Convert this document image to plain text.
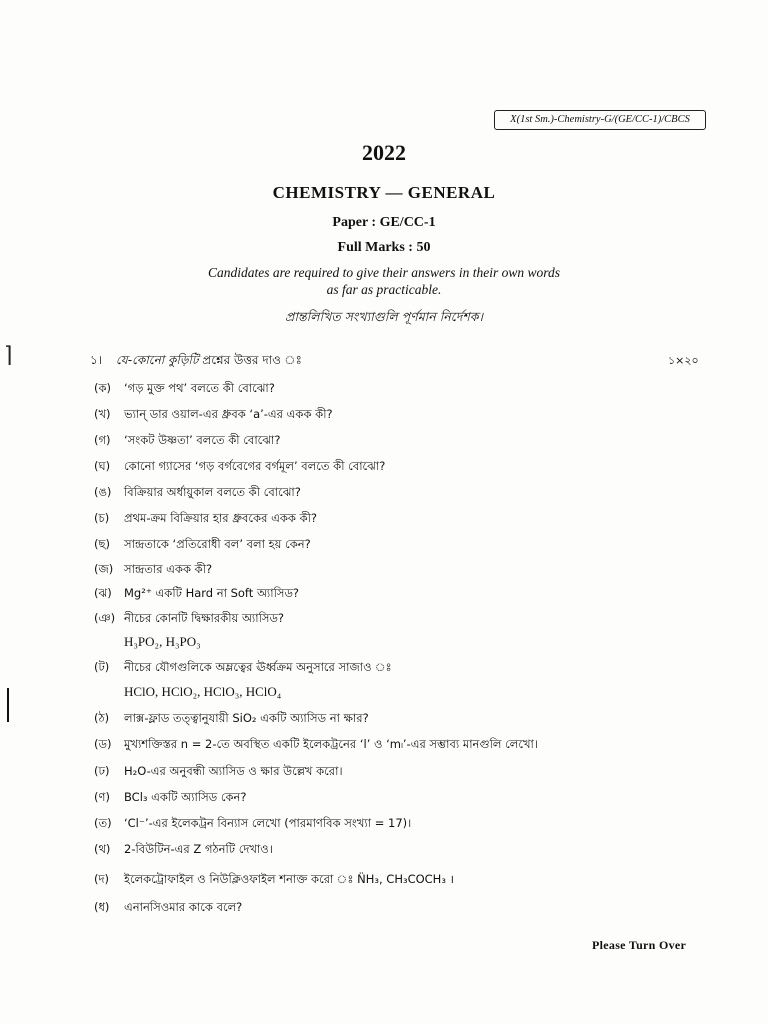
⌉
X(1st Sm.)-Chemistry-G/(GE/CC-1)/CBCS
2022
CHEMISTRY — GENERAL
Paper : GE/CC-1
Full Marks : 50
Candidates are required to give their answers in their own words
as far as practicable.
প্রান্তলিখিত সংখ্যাগুলি পূর্ণমান নির্দেশক।
১। যে-কোনো কুড়িটি প্রশ্নের উত্তর দাও ঃ	১×২০
(ক) ‘গড় মুক্ত পথ’ বলতে কী বোঝো?
(খ) ভ্যান্ ডার ওয়াল-এর ধ্রুবক ‘a’-এর একক কী?
(গ) ‘সংকট উষ্ণতা’ বলতে কী বোঝো?
(ঘ) কোনো গ্যাসের ‘গড় বর্গবেগের বর্গমূল’ বলতে কী বোঝো?
(ঙ) বিক্রিয়ার অর্ধায়ুকাল বলতে কী বোঝো?
(চ) প্রথম-ক্রম বিক্রিয়ার হার ধ্রুবকের একক কী?
(ছ) সান্দ্রতাকে ‘প্রতিরোধী বল’ বলা হয় কেন?
(জ) সান্দ্রতার একক কী?
(ঝ) Mg²⁺ একটি Hard না Soft অ্যাসিড?
(ঞ) নীচের কোনটি দ্বিক্ষারকীয় অ্যাসিড?
H₃PO₂, H₃PO₃
(ট) নীচের যৌগগুলিকে অম্লত্বের ঊর্ধ্বক্রম অনুসারে সাজাও ঃ
HClO, HClO₂, HClO₃, HClO₄
(ঠ) লাক্স-ফ্লাড তত্ত্বানুযায়ী SiO₂ একটি অ্যাসিড না ক্ষার?
(ড) মুখ্যশক্তিস্তর n = 2-তে অবস্থিত একটি ইলেকট্রনের ‘l’ ও ‘mₗ’-এর সম্ভাব্য মানগুলি লেখো।
(ঢ) H₂O-এর অনুবন্ধী অ্যাসিড ও ক্ষার উল্লেখ করো।
(ণ) BCl₃ একটি অ্যাসিড কেন?
(ত) ‘Cl⁻’-এর ইলেকট্রন বিন্যাস লেখো (পারমাণবিক সংখ্যা = 17)।
(থ) 2-বিউটিন-এর Z গঠনটি দেখাও।
(দ) ইলেকট্রোফাইল ও নিউক্লিওফাইল শনাক্ত করো ঃ N̈H₃, CH₃COCH₃ ।
(ধ) এনানসিওমার কাকে বলে?
Please Turn Over
